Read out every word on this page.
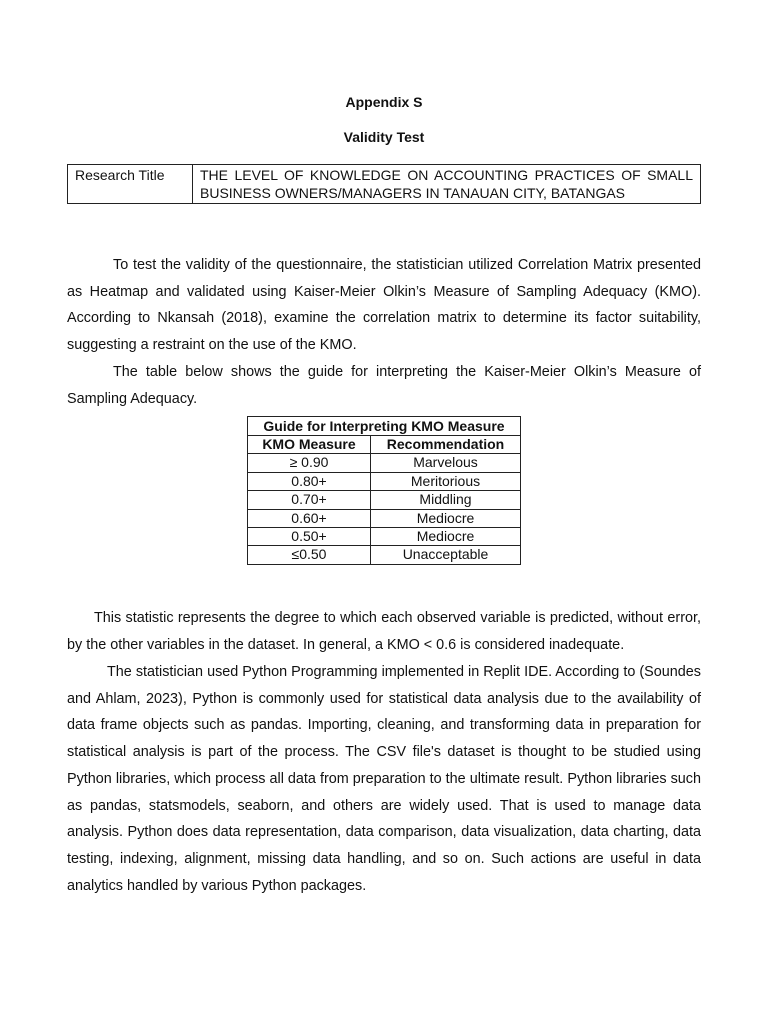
Appendix S
Validity Test
Research Title	THE LEVEL OF KNOWLEDGE ON ACCOUNTING PRACTICES OF SMALL BUSINESS OWNERS/MANAGERS IN TANAUAN CITY, BATANGAS

To test the validity of the questionnaire, the statistician utilized Correlation Matrix presented as Heatmap and validated using Kaiser-Meier Olkin’s Measure of Sampling Adequacy (KMO). According to Nkansah (2018), examine the correlation matrix to determine its factor suitability, suggesting a restraint on the use of the KMO.

The table below shows the guide for interpreting the Kaiser-Meier Olkin’s Measure of Sampling Adequacy.

Guide for Interpreting KMO Measure	
KMO Measure	Recommendation
≥ 0.90	Marvelous
0.80+	Meritorious
0.70+	Middling
0.60+	Mediocre
0.50+	Mediocre
≤0.50	Unacceptable

This statistic represents the degree to which each observed variable is predicted, without error, by the other variables in the dataset. In general, a KMO < 0.6 is considered inadequate.

The statistician used Python Programming implemented in Replit IDE. According to (Soundes and Ahlam, 2023), Python is commonly used for statistical data analysis due to the availability of data frame objects such as pandas. Importing, cleaning, and transforming data in preparation for statistical analysis is part of the process. The CSV file's dataset is thought to be studied using Python libraries, which process all data from preparation to the ultimate result. Python libraries such as pandas, statsmodels, seaborn, and others are widely used. That is used to manage data analysis. Python does data representation, data comparison, data visualization, data charting, data testing, indexing, alignment, missing data handling, and so on. Such actions are useful in data analytics handled by various Python packages.
